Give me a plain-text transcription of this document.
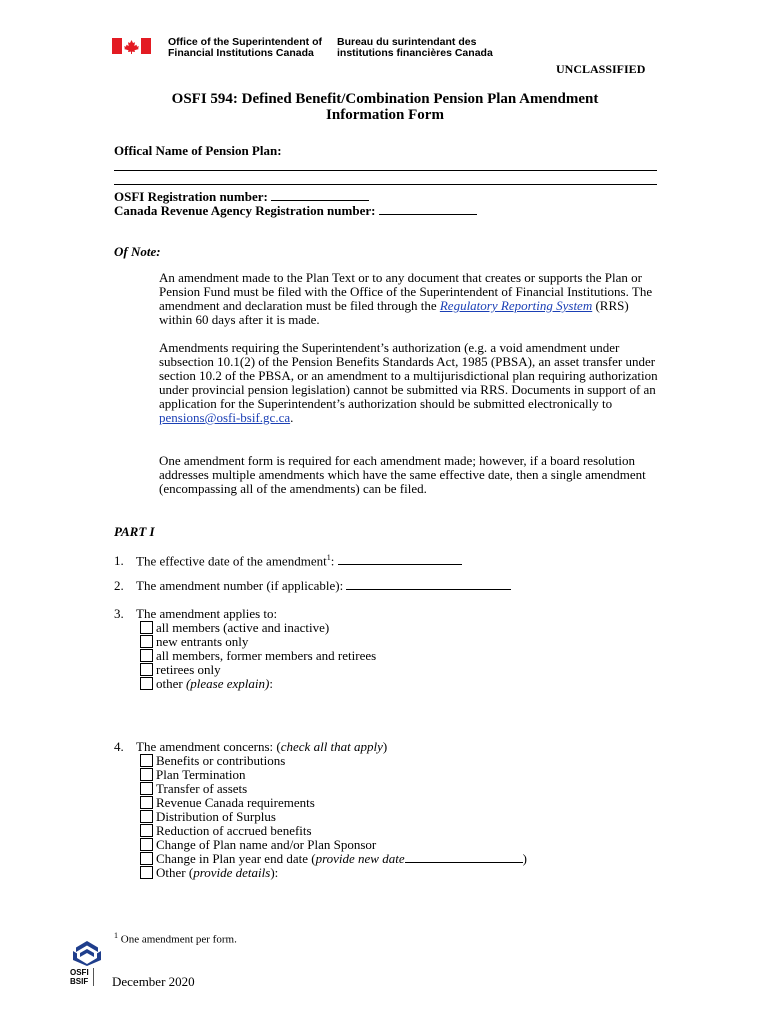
Office of the Superintendent of
Financial Institutions Canada
Bureau du surintendant des
institutions financières Canada
UNCLASSIFIED
OSFI 594: Defined Benefit/Combination Pension Plan Amendment
Information Form
Offical Name of Pension Plan:
OSFI Registration number:
Canada Revenue Agency Registration number:
Of Note:

An amendment made to the Plan Text or to any document that creates or supports the Plan or Pension Fund must be filed with the Office of the Superintendent of Financial Institutions. The amendment and declaration must be filed through the Regulatory Reporting System (RRS) within 60 days after it is made.

Amendments requiring the Superintendent’s authorization (e.g. a void amendment under subsection 10.1(2) of the Pension Benefits Standards Act, 1985 (PBSA), an asset transfer under section 10.2 of the PBSA, or an amendment to a multijurisdictional plan requiring authorization under provincial pension legislation) cannot be submitted via RRS. Documents in support of an application for the Superintendent’s authorization should be submitted electronically to pensions@osfi-bsif.gc.ca.

One amendment form is required for each amendment made; however, if a board resolution addresses multiple amendments which have the same effective date, then a single amendment (encompassing all of the amendments) can be filed.

PART I
1. The effective date of the amendment$^1$:
2. The amendment number (if applicable):
3. The amendment applies to:
all members (active and inactive)
new entrants only
all members, former members and retirees
retirees only
other (please explain):
4. The amendment concerns: (check all that apply)
Benefits or contributions
Plan Termination
Transfer of assets
Revenue Canada requirements
Distribution of Surplus
Reduction of accrued benefits
Change of Plan name and/or Plan Sponsor
Change in Plan year end date (provide new date	)
Other (provide details):
$^1$ One amendment per form.
OSFI
BSIF December 2020
